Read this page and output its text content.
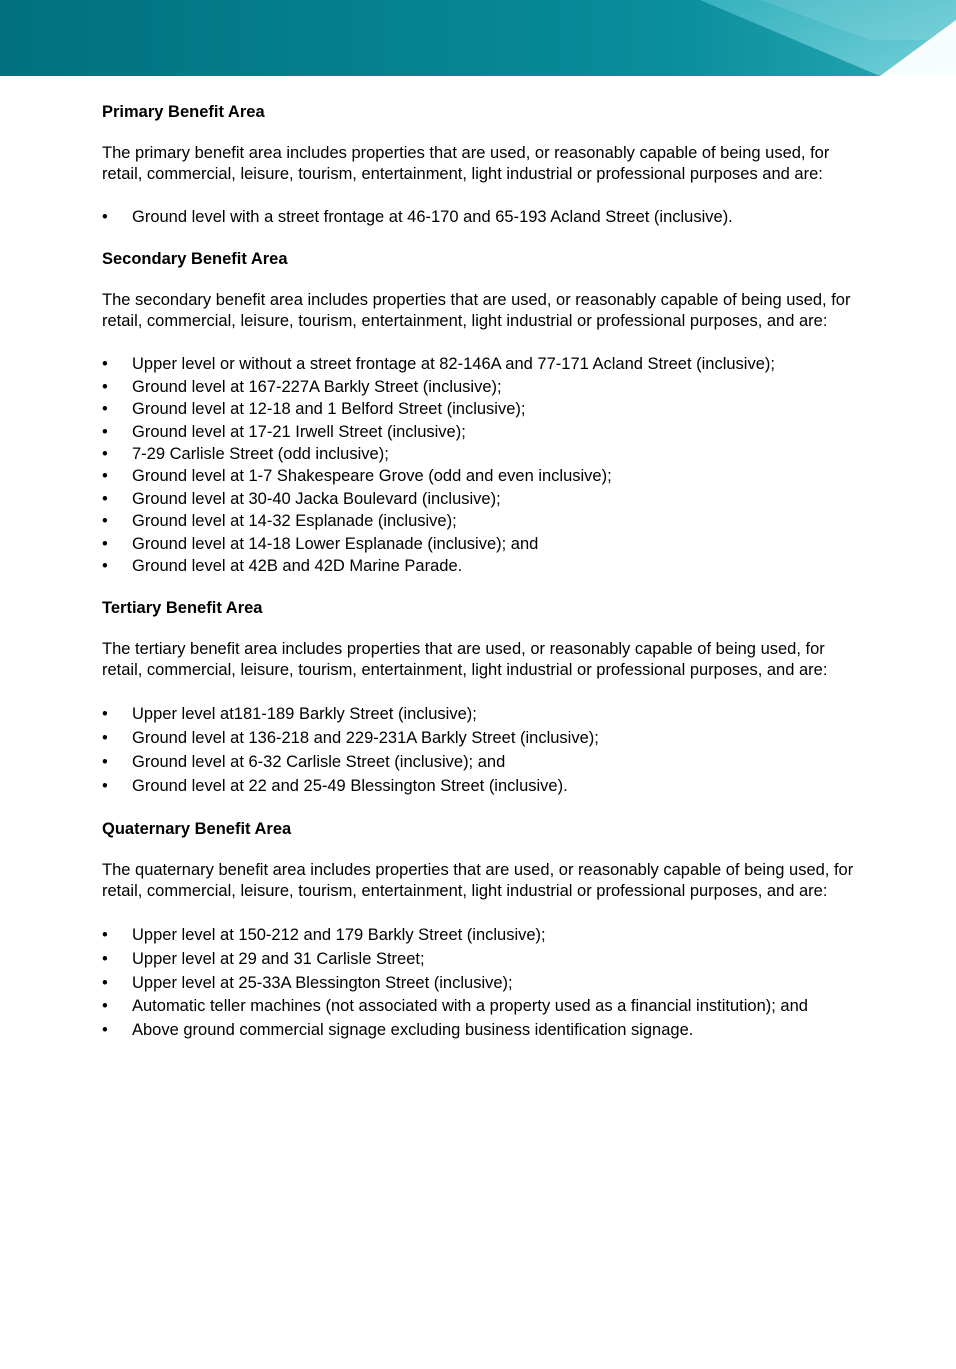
Primary Benefit Area

The primary benefit area includes properties that are used, or reasonably capable of being used, for retail, commercial, leisure, tourism, entertainment, light industrial or professional purposes and are:

• Ground level with a street frontage at 46-170 and 65-193 Acland Street (inclusive).

Secondary Benefit Area

The secondary benefit area includes properties that are used, or reasonably capable of being used, for retail, commercial, leisure, tourism, entertainment, light industrial or professional purposes, and are:

• Upper level or without a street frontage at 82-146A and 77-171 Acland Street (inclusive);
• Ground level at 167-227A Barkly Street (inclusive);
• Ground level at 12-18 and 1 Belford Street (inclusive);
• Ground level at 17-21 Irwell Street (inclusive);
• 7-29 Carlisle Street (odd inclusive);
• Ground level at 1-7 Shakespeare Grove (odd and even inclusive);
• Ground level at 30-40 Jacka Boulevard (inclusive);
• Ground level at 14-32 Esplanade (inclusive);
• Ground level at 14-18 Lower Esplanade (inclusive); and
• Ground level at 42B and 42D Marine Parade.

Tertiary Benefit Area

The tertiary benefit area includes properties that are used, or reasonably capable of being used, for retail, commercial, leisure, tourism, entertainment, light industrial or professional purposes, and are:

• Upper level at181-189 Barkly Street (inclusive);
• Ground level at 136-218 and 229-231A Barkly Street (inclusive);
• Ground level at 6-32 Carlisle Street (inclusive); and
• Ground level at 22 and 25-49 Blessington Street (inclusive).

Quaternary Benefit Area

The quaternary benefit area includes properties that are used, or reasonably capable of being used, for retail, commercial, leisure, tourism, entertainment, light industrial or professional purposes, and are:

• Upper level at 150-212 and 179 Barkly Street (inclusive);
• Upper level at 29 and 31 Carlisle Street;
• Upper level at 25-33A Blessington Street (inclusive);
• Automatic teller machines (not associated with a property used as a financial institution); and
• Above ground commercial signage excluding business identification signage.
